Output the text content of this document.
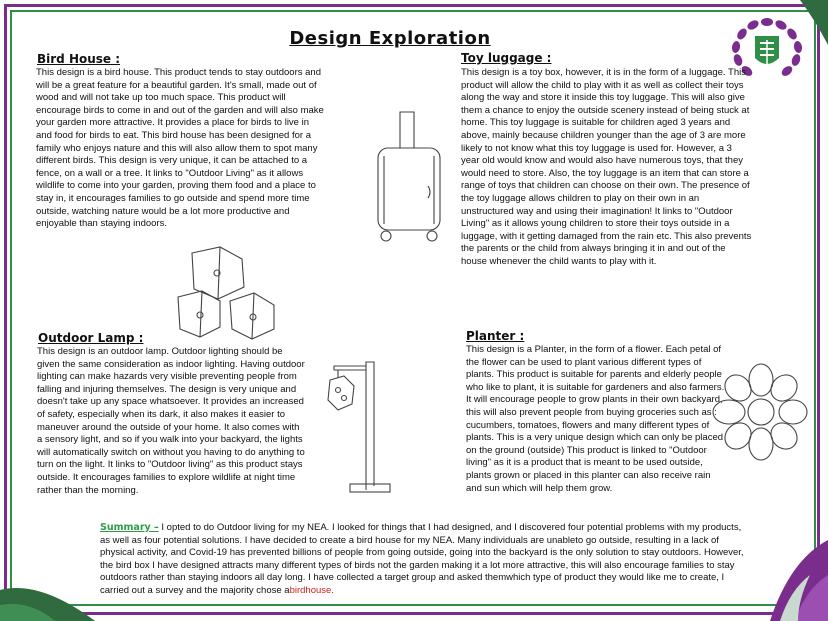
Design Exploration
Bird House :

This design is a bird house. This product tends to stay outdoors and will be a great feature for a beautiful garden. It's small, made out of wood and will not take up too much space. This product will encourage birds to come in and out of the garden and will also make your garden more attractive. It provides a place for birds to live in and food for birds to eat. This bird house has been designed for a family who enjoys nature and this will also allow them to spot many different birds. This design is very unique, it can be attached to a fence, on a wall or a tree. It links to "Outdoor Living" as it allows wildlife to come into your garden, proving them food and a place to stay in, it encourages families to go outside and spend more time outside, watching nature would be a lot more productive and enjoyable than staying indoors.

Toy luggage :

This design is a toy box, however, it is in the form of a luggage. This product will allow the child to play with it as well as collect their toys along the way and store it inside this toy luggage. This will also give them a chance to enjoy the outside scenery instead of being stuck at home. This toy luggage is suitable for children aged 3 years and above, mainly because children younger than the age of 3 are more likely to not know what this toy luggage is used for. However, a 3 year old would know and would also have numerous toys, that they would need to store. Also, the toy luggage is an item that can store a range of toys that children can choose on their own. The presence of the toy luggage allows children to play on their own in an unstructured way and using their imagination! It links to "Outdoor Living" as it allows young children to store their toys outside in a luggage, with it getting damaged from the rain etc. This also prevents the parents or the child from always bringing it in and out of the house whenever the child wants to play with it.

Outdoor Lamp :

This design is an outdoor lamp. Outdoor lighting should be given the same consideration as indoor lighting. Having outdoor lighting can make hazards very visible preventing people from falling and injuring themselves. The design is very unique and doesn't take up any space whatsoever. It provides an increased of safety, especially when its dark, it also makes it easier to maneuver around the outside of your home. It also comes with a sensory light, and so if you walk into your backyard, the lights will automatically switch on without you having to do anything to turn on the light. It links to "Outdoor living" as this product stays outside. It encourages families to explore wildlife at night time rather than the morning.

Planter :

This design is a Planter, in the form of a flower. Each petal of the flower can be used to plant various different types of plants. This product is suitable for parents and elderly people who like to plant, it is suitable for gardeners and also farmers. It will encourage people to grow plants in their own backyard, this will also prevent people from buying groceries such as : cucumbers, tomatoes, flowers and many different types of plants. This is a very unique design which can only be placed on the ground (outside) This product is linked to "Outdoor living" as it is a product that is meant to be used outside, plants grown or placed in this planter can also receive rain and sun which will help them grow.

Summary – I opted to do Outdoor living for my NEA. I looked for things that I had designed, and I discovered four potential problems with my products, as well as four potential solutions. I have decided to create a bird house for my NEA. Many individuals are unableto go outside, resulting in a lack of physical activity, and Covid-19 has prevented billions of people from going outside, going into the backyard is the only solution to stay outdoors. However, the bird box I have designed attracts many different types of birds not the garden making it a lot more attractive, this will also encourage families to stay outdoors rather than staying indoors all day long. I have collected a target group and asked themwhich type of product they would like me to create, I carried out a survey and the majority chose abirdhouse.
